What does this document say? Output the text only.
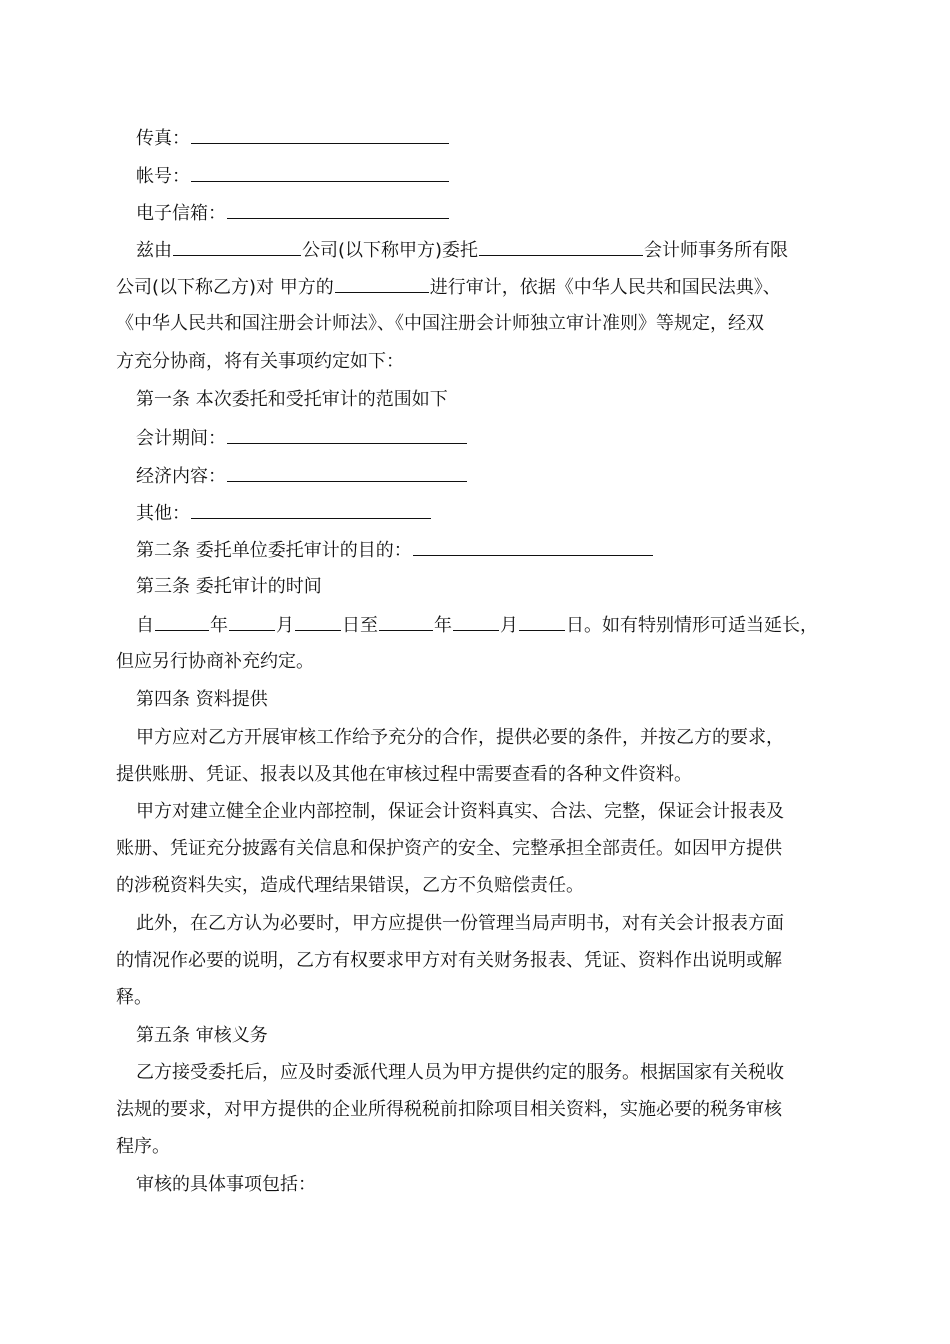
传真：
帐号：
电子信箱：
兹由	公司(以下称甲方)委托	会计师事务所有限
公司(以下称乙方)对 甲方的	进行审计，依据《中华人民共和国民法典》、
《中华人民共和国注册会计师法》、《中国注册会计师独立审计准则》等规定，经双
方充分协商，将有关事项约定如下：
第一条 本次委托和受托审计的范围如下
会计期间：
经济内容：
其他：
第二条 委托单位委托审计的目的：
第三条 委托审计的时间
自	年	月	日至	年	月	日。如有特别情形可适当延长，
但应另行协商补充约定。
第四条 资料提供
甲方应对乙方开展审核工作给予充分的合作，提供必要的条件，并按乙方的要求，
提供账册、凭证、报表以及其他在审核过程中需要查看的各种文件资料。
甲方对建立健全企业内部控制，保证会计资料真实、合法、完整，保证会计报表及
账册、凭证充分披露有关信息和保护资产的安全、完整承担全部责任。如因甲方提供
的涉税资料失实，造成代理结果错误，乙方不负赔偿责任。
此外，在乙方认为必要时，甲方应提供一份管理当局声明书，对有关会计报表方面
的情况作必要的说明，乙方有权要求甲方对有关财务报表、凭证、资料作出说明或解
释。
第五条 审核义务
乙方接受委托后，应及时委派代理人员为甲方提供约定的服务。根据国家有关税收
法规的要求，对甲方提供的企业所得税税前扣除项目相关资料，实施必要的税务审核
程序。
审核的具体事项包括：
